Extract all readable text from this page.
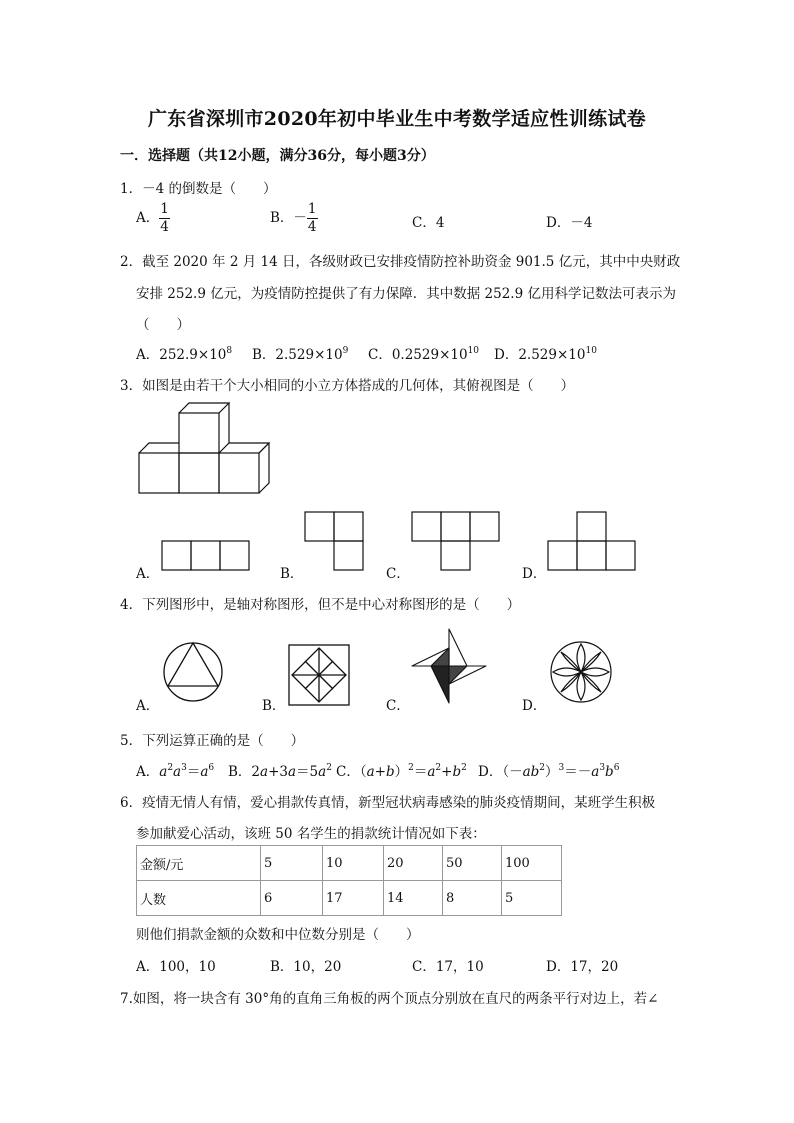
广东省深圳市2020年初中毕业生中考数学适应性训练试卷
一．选择题（共12小题，满分36分，每小题3分）
1．－4 的倒数是（　　）
A． $\frac{1}{4}$	B．－ $\frac{1}{4}$	C．4	D．－4
2．截至 2020 年 2 月 14 日，各级财政已安排疫情防控补助资金 901.5 亿元，其中中央财政
安排 252.9 亿元，为疫情防控提供了有力保障．其中数据 252.9 亿用科学记数法可表示为
（　　）
A．$252.9\times 10^8$ B．$2.529\times 10^9$ C．$0.2529\times 10^{10}$ D．$2.529\times 10^{10}$
3．如图是由若干个大小相同的小立方体搭成的几何体，其俯视图是（　　）
A．	B．	C．	D．
4．下列图形中，是轴对称图形，但不是中心对称图形的是（　　）
A．	B．	C．	D．
5．下列运算正确的是（　　）
A．$a^2a^3=a^6$ B．$2a+3a=5a^2$ C．$(a+b)^2=a^2+b^2$ D．$(-ab^2)^3=-a^3b^6$
6．疫情无情人有情，爱心捐款传真情，新型冠状病毒感染的肺炎疫情期间，某班学生积极
参加献爱心活动，该班 50 名学生的捐款统计情况如下表：
金额/元	5	10	20	50	100
人数	6	17	14	8	5
则他们捐款金额的众数和中位数分别是（　　）
A．100，10	B．10，20	C．17，10	D．17，20
7.如图，将一块含有 30°角的直角三角板的两个顶点分别放在直尺的两条平行对边上，若∠
